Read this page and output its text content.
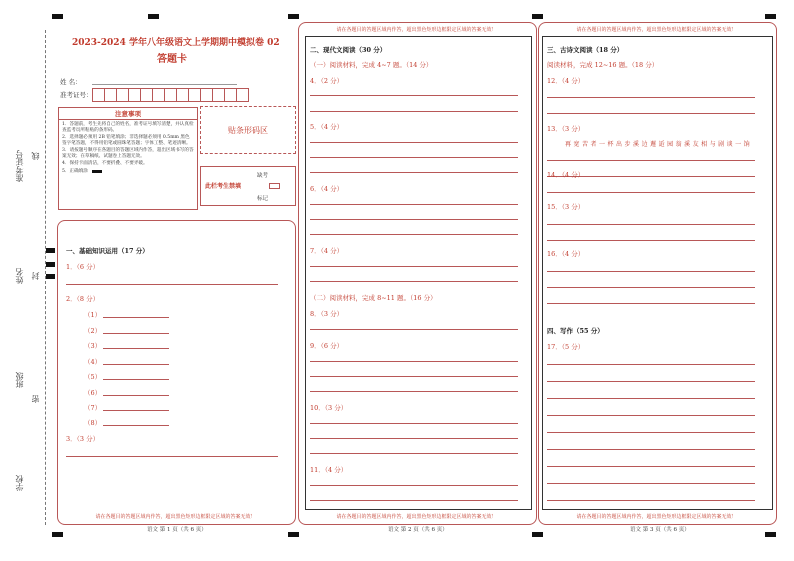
准考证号 线
姓名 封
班级
密
学校
2023-2024 学年八年级语文上学期期中模拟卷 02
答题卡
姓 名：
准考证号：
注意事项
1．答题前，考生先将自己的姓名，准考证号填写清楚，并认真检查监考员所粘贴的条形码。
2．选择题必须用 2B 铅笔填涂；非选择题必须用 0.5mm 黑色签字笔答题，不得用铅笔或圆珠笔答题；字体工整、笔迹清晰。
3．请按题号顺序在各题目的答题区域内作答，超出区域书写的答案无效；在草稿纸、试题卷上答题无效。
4．保持卡面清洁，不要折叠、不要弄破。
5．正确填涂
贴条形码区
此栏考生禁填
缺考
标记
一、基础知识运用（17 分）
1．（6 分）
2．（8 分）
（1）
（2）
（3）
（4）
（5）
（6）
（7）
（8）
3．（3 分）
请在各题目的答题区域内作答，超出黑色矩形边框限定区域的答案无效！
语文 第 1 页（共 6 页）
请在各题目的答题区域内作答，超出黑色矩形边框限定区域的答案无效！
二、现代文阅读（30 分）
（一）阅读材料，完成 4~7 题。（14 分）
4．（2 分）
5．（4 分）
6．（4 分）
7．（4 分）
（二）阅读材料，完成 8~11 题。（16 分）
8．（3 分）
9．（6 分）
10．（3 分）
11．（4 分）
请在各题目的答题区域内作答，超出黑色矩形边框限定区域的答案无效！
语文 第 2 页（共 6 页）
请在各题目的答题区域内作答，超出黑色矩形边框限定区域的答案无效！
三、古诗文阅读（18 分）
阅读材料，完成 12~16 题。（18 分）
12．（4 分）
13．（3 分）
再 宽 苦 者 一 杯 出 步 溪 边 邂 逅 园 翁 溪 友 相 与 剧 谈 一 饷
14．（4 分）
15．（3 分）
16．（4 分）
四、写作（55 分）
17．（5 分）
请在各题目的答题区域内作答，超出黑色矩形边框限定区域的答案无效！
语文 第 3 页（共 6 页）
